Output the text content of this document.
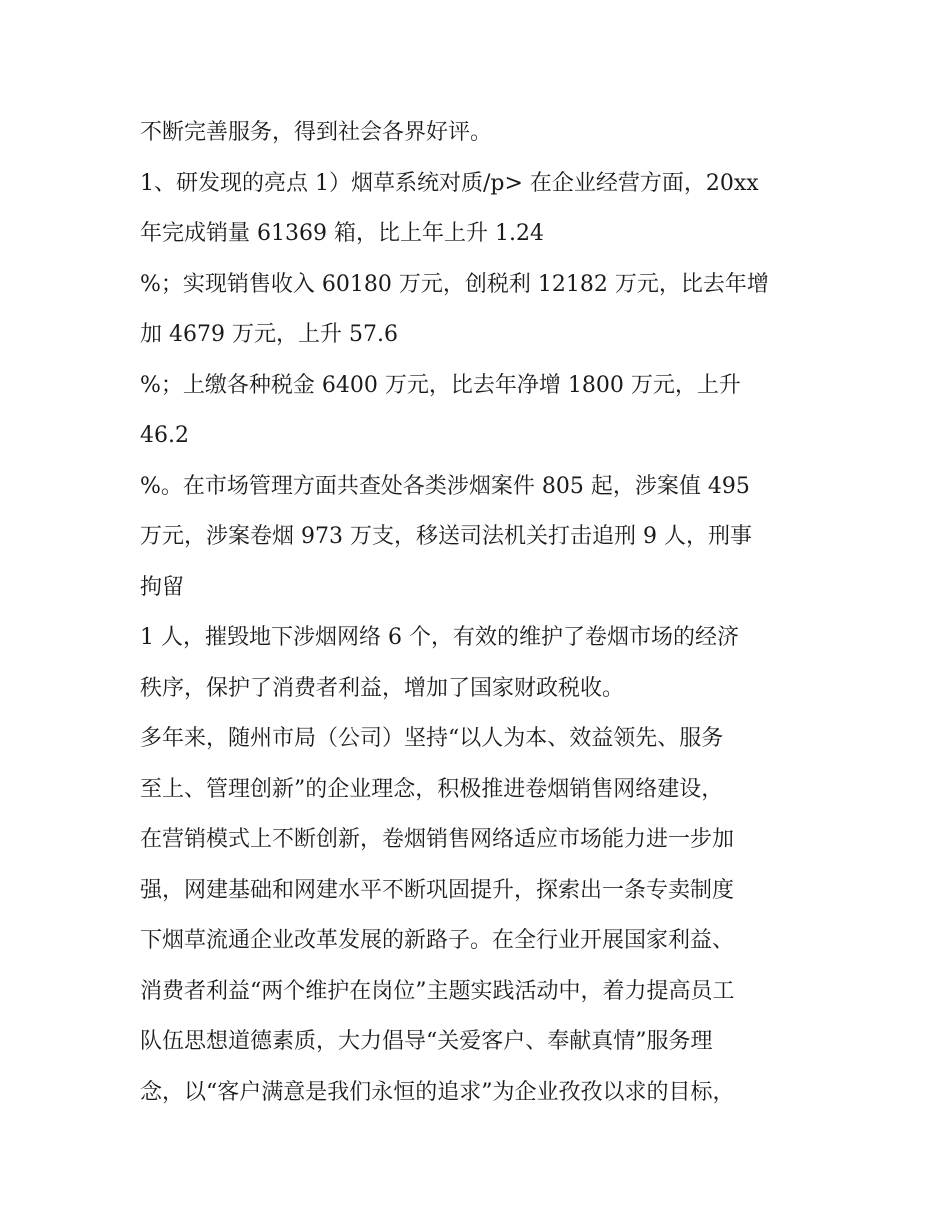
不断完善服务，得到社会各界好评。
1、研发现的亮点 1）烟草系统对质/p> 在企业经营方面，20xx
年完成销量 61369 箱，比上年上升 1.24
%；实现销售收入 60180 万元，创税利 12182 万元，比去年增
加 4679 万元，上升 57.6
%；上缴各种税金 6400 万元，比去年净增 1800 万元，上升
46.2
%。在市场管理方面共查处各类涉烟案件 805 起，涉案值 495
万元，涉案卷烟 973 万支，移送司法机关打击追刑 9 人，刑事
拘留
1 人，摧毁地下涉烟网络 6 个，有效的维护了卷烟市场的经济
秩序，保护了消费者利益，增加了国家财政税收。
多年来，随州市局（公司）坚持“以人为本、效益领先、服务
至上、管理创新”的企业理念，积极推进卷烟销售网络建设，
在营销模式上不断创新，卷烟销售网络适应市场能力进一步加
强，网建基础和网建水平不断巩固提升，探索出一条专卖制度
下烟草流通企业改革发展的新路子。在全行业开展国家利益、
消费者利益“两个维护在岗位”主题实践活动中，着力提高员工
队伍思想道德素质，大力倡导“关爱客户、奉献真情”服务理
念，以“客户满意是我们永恒的追求”为企业孜孜以求的目标，
